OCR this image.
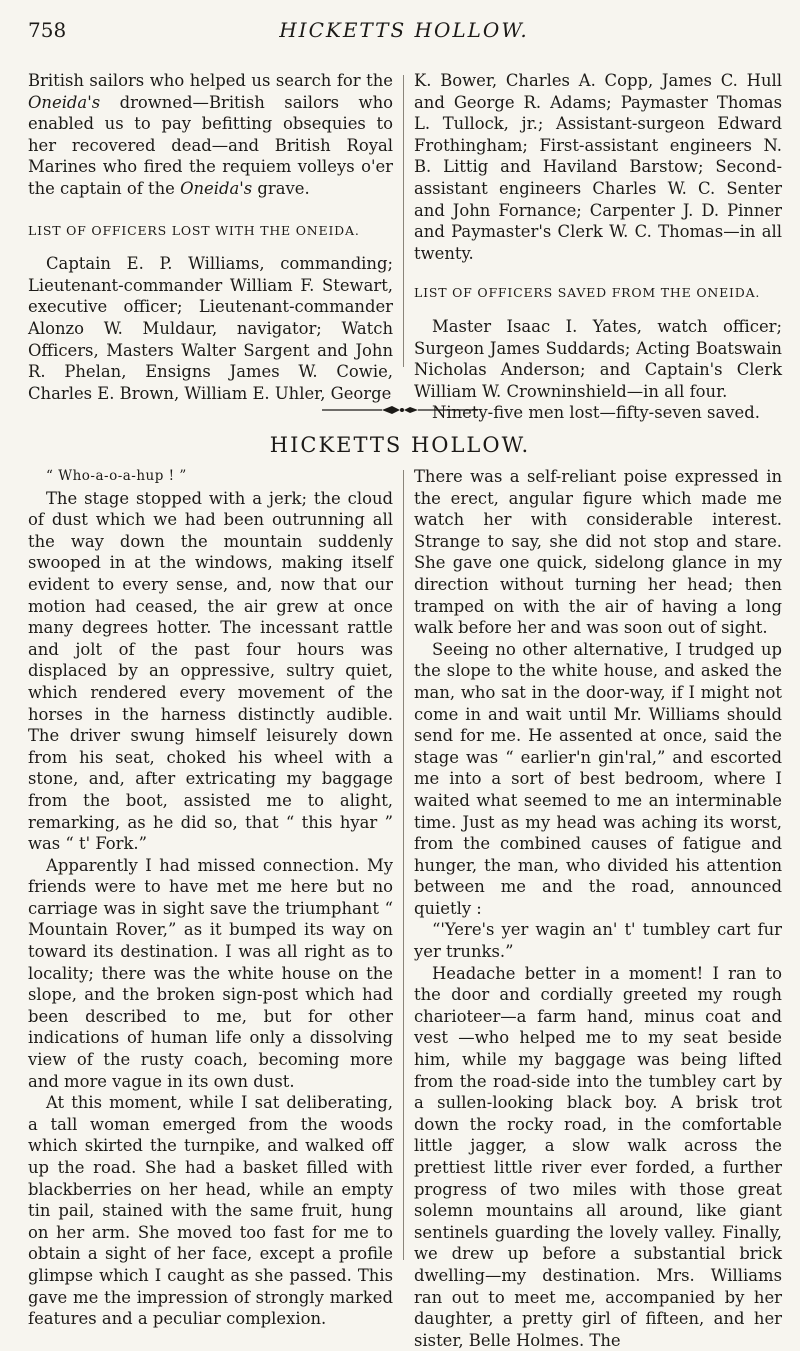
758	HICKETTS HOLLOW.

British sailors who helped us search for the Oneida's drowned—British sailors who enabled us to pay befitting obsequies to her recovered dead—and British Royal Marines who fired the requiem volleys o'er the captain of the Oneida's grave.

LIST OF OFFICERS LOST WITH THE ONEIDA.

Captain E. P. Williams, commanding; Lieutenant-commander William F. Stewart, executive officer; Lieutenant-commander Alonzo W. Muldaur, navigator; Watch Officers, Masters Walter Sargent and John R. Phelan, Ensigns James W. Cowie, Charles E. Brown, William E. Uhler, George

K. Bower, Charles A. Copp, James C. Hull and George R. Adams; Paymaster Thomas L. Tullock, jr.; Assistant-surgeon Edward Frothingham; First-assistant engineers N. B. Littig and Haviland Barstow; Second-assistant engineers Charles W. C. Senter and John Fornance; Carpenter J. D. Pinner and Paymaster's Clerk W. C. Thomas—in all twenty.

LIST OF OFFICERS SAVED FROM THE ONEIDA.

Master Isaac I. Yates, watch officer; Surgeon James Suddards; Acting Boatswain Nicholas Anderson; and Captain's Clerk William W. Crowninshield—in all four.

Ninety-five men lost—fifty-seven saved.

HICKETTS HOLLOW.

“ Who-a-o-a-hup ! ”

The stage stopped with a jerk; the cloud of dust which we had been outrunning all the way down the mountain suddenly swooped in at the windows, making itself evident to every sense, and, now that our motion had ceased, the air grew at once many degrees hotter. The incessant rattle and jolt of the past four hours was displaced by an oppressive, sultry quiet, which rendered every movement of the horses in the harness distinctly audible. The driver swung himself leisurely down from his seat, choked his wheel with a stone, and, after extricating my baggage from the boot, assisted me to alight, remarking, as he did so, that “ this hyar ” was “ t' Fork.”

Apparently I had missed connection. My friends were to have met me here but no carriage was in sight save the triumphant “ Mountain Rover,” as it bumped its way on toward its destination. I was all right as to locality; there was the white house on the slope, and the broken sign-post which had been described to me, but for other indications of human life only a dissolving view of the rusty coach, becoming more and more vague in its own dust.

At this moment, while I sat deliberating, a tall woman emerged from the woods which skirted the turnpike, and walked off up the road. She had a basket filled with blackberries on her head, while an empty tin pail, stained with the same fruit, hung on her arm. She moved too fast for me to obtain a sight of her face, except a profile glimpse which I caught as she passed. This gave me the impression of strongly marked features and a peculiar complexion.

There was a self-reliant poise expressed in the erect, angular figure which made me watch her with considerable interest. Strange to say, she did not stop and stare. She gave one quick, sidelong glance in my direction without turning her head; then tramped on with the air of having a long walk before her and was soon out of sight.

Seeing no other alternative, I trudged up the slope to the white house, and asked the man, who sat in the door-way, if I might not come in and wait until Mr. Williams should send for me. He assented at once, said the stage was “ earlier'n gin'ral,” and escorted me into a sort of best bedroom, where I waited what seemed to me an interminable time. Just as my head was aching its worst, from the combined causes of fatigue and hunger, the man, who divided his attention between me and the road, announced quietly :

“'Yere's yer wagin an' t' tumbley cart fur yer trunks.”

Headache better in a moment! I ran to the door and cordially greeted my rough charioteer—a farm hand, minus coat and vest —who helped me to my seat beside him, while my baggage was being lifted from the road-side into the tumbley cart by a sullen-looking black boy. A brisk trot down the rocky road, in the comfortable little jagger, a slow walk across the prettiest little river ever forded, a further progress of two miles with those great solemn mountains all around, like giant sentinels guarding the lovely valley. Finally, we drew up before a substantial brick dwelling—my destination. Mrs. Williams ran out to meet me, accompanied by her daughter, a pretty girl of fifteen, and her sister, Belle Holmes. The
